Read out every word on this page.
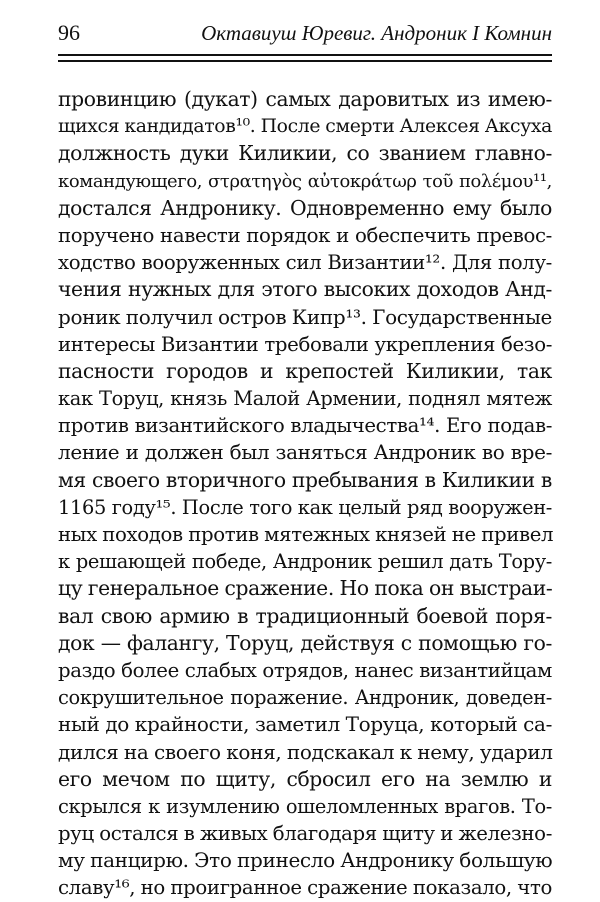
96	Октавиуш Юревиг. Андроник I Комнин
провинцию (дукат) самых даровитых из имею-
щихся кандидатов¹⁰. После смерти Алексея Аксуха
должность дуки Киликии, со званием главно-
командующего, στρατηγὸς αὐτοκράτωρ τοῦ πολέμου¹¹,
достался Андронику. Одновременно ему было
поручено навести порядок и обеспечить превос-
ходство вооруженных сил Византии¹². Для полу-
чения нужных для этого высоких доходов Анд-
роник получил остров Кипр¹³. Государственные
интересы Византии требовали укрепления безо-
пасности городов и крепостей Киликии, так
как Торуц, князь Малой Армении, поднял мятеж
против византийского владычества¹⁴. Его подав-
ление и должен был заняться Андроник во вре-
мя своего вторичного пребывания в Киликии в
1165 году¹⁵. После того как целый ряд вооружен-
ных походов против мятежных князей не привел
к решающей победе, Андроник решил дать Тору-
цу генеральное сражение. Но пока он выстраи-
вал свою армию в традиционный боевой поря-
док — фалангу, Торуц, действуя с помощью го-
раздо более слабых отрядов, нанес византийцам
сокрушительное поражение. Андроник, доведен-
ный до крайности, заметил Торуца, который са-
дился на своего коня, подскакал к нему, ударил
его мечом по щиту, сбросил его на землю и
скрылся к изумлению ошеломленных врагов. То-
руц остался в живых благодаря щиту и железно-
му панцирю. Это принесло Андронику большую
славу¹⁶, но проигранное сражение показало, что
